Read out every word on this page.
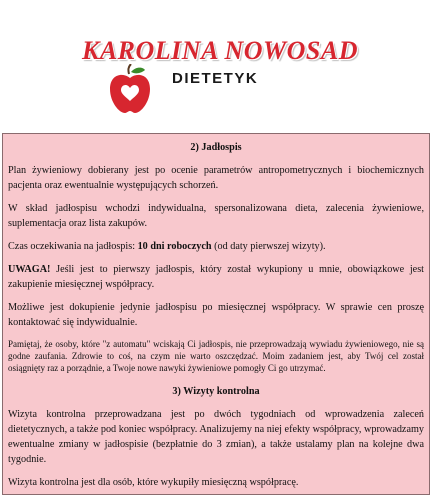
KAROLINA NOWOSAD
DIETETYK
2) Jadłospis

Plan żywieniowy dobierany jest po ocenie parametrów antropometrycznych i biochemicznych pacjenta oraz ewentualnie występujących schorzeń.

W skład jadłospisu wchodzi indywidualna, spersonalizowana dieta, zalecenia żywieniowe, suplementacja oraz lista zakupów.

Czas oczekiwania na jadłospis: 10 dni roboczych (od daty pierwszej wizyty).

UWAGA! Jeśli jest to pierwszy jadłospis, który został wykupiony u mnie, obowiązkowe jest zakupienie miesięcznej współpracy.

Możliwe jest dokupienie jedynie jadłospisu po miesięcznej współpracy. W sprawie cen proszę kontaktować się indywidualnie.

Pamiętaj, że osoby, które "z automatu" wciskają Ci jadłospis, nie przeprowadzają wywiadu żywieniowego, nie są godne zaufania. Zdrowie to coś, na czym nie warto oszczędzać. Moim zadaniem jest, aby Twój cel został osiągnięty raz a porządnie, a Twoje nowe nawyki żywieniowe pomogły Ci go utrzymać.

3) Wizyty kontrolna

Wizyta kontrolna przeprowadzana jest po dwóch tygodniach od wprowadzenia zaleceń dietetycznych, a także pod koniec współpracy. Analizujemy na niej efekty współpracy, wprowadzamy ewentualne zmiany w jadłospisie (bezpłatnie do 3 zmian), a także ustalamy plan na kolejne dwa tygodnie.

Wizyta kontrolna jest dla osób, które wykupiły miesięczną współpracę.
